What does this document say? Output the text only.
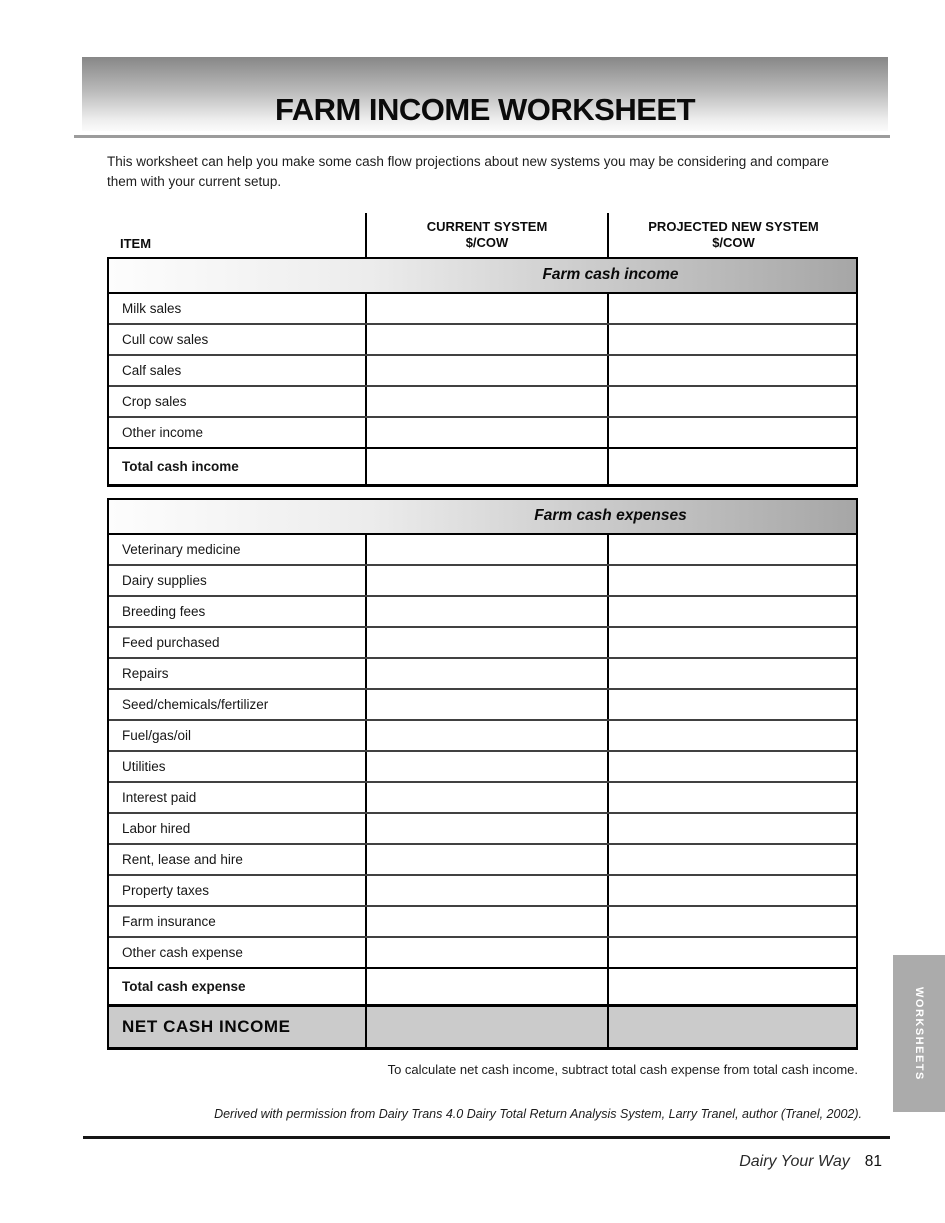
FARM INCOME WORKSHEET

This worksheet can help you make some cash flow projections about new systems you may be considering and compare them with your current setup.

ITEM
CURRENT SYSTEM
$/COW
PROJECTED NEW SYSTEM
$/COW
Farm cash income
Milk sales
Cull cow sales
Calf sales
Crop sales
Other income
Total cash income
Farm cash expenses
Veterinary medicine
Dairy supplies
Breeding fees
Feed purchased
Repairs
Seed/chemicals/fertilizer
Fuel/gas/oil
Utilities
Interest paid
Labor hired
Rent, lease and hire
Property taxes
Farm insurance
Other cash expense
Total cash expense
NET CASH INCOME
To calculate net cash income, subtract total cash expense from total cash income.
Derived with permission from Dairy Trans 4.0 Dairy Total Return Analysis System, Larry Tranel, author (Tranel, 2002).
Dairy Your Way 81
WORKSHEETS
